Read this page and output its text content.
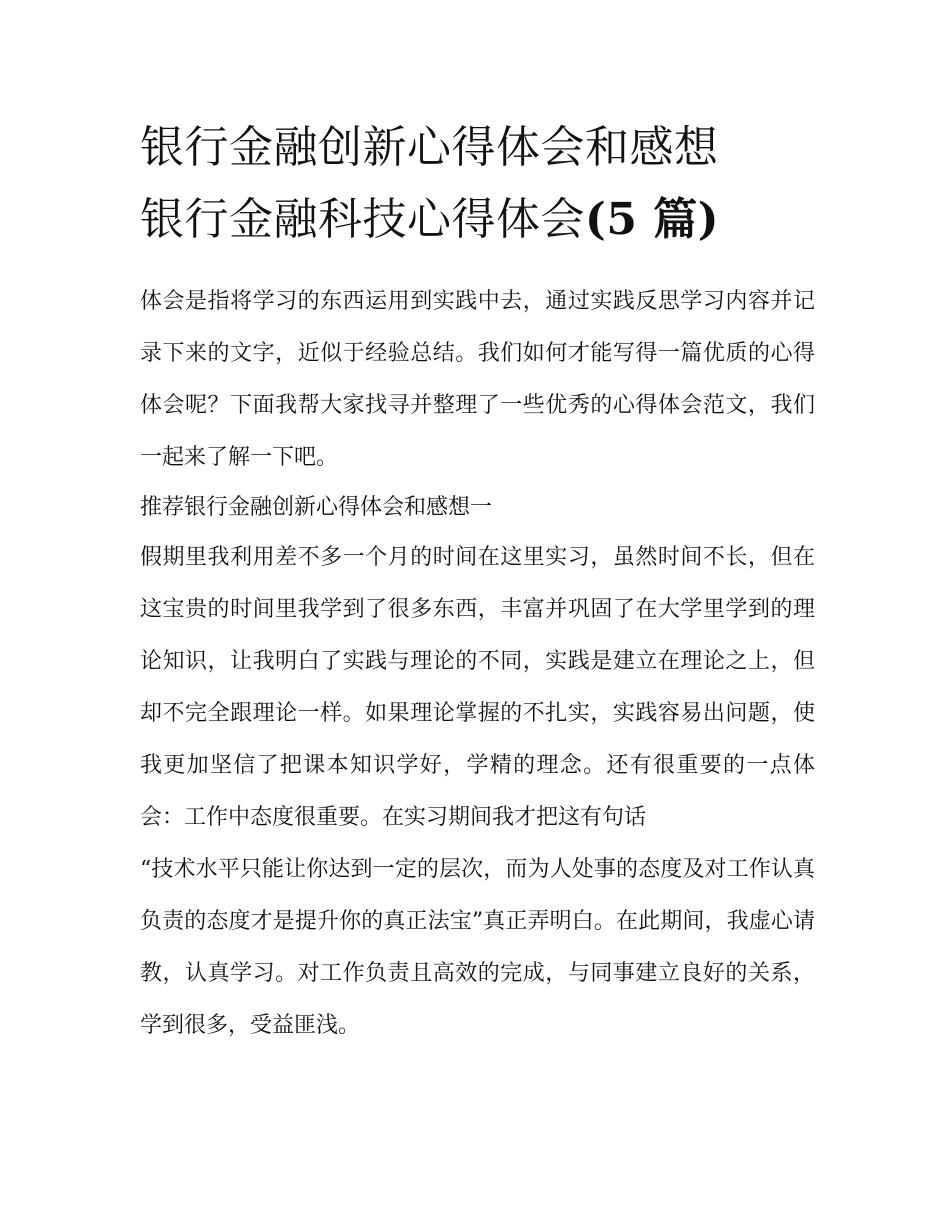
银行金融创新心得体会和感想
银行金融科技心得体会(5 篇)

体会是指将学习的东西运用到实践中去，通过实践反思学习内容并记录下来的文字，近似于经验总结。我们如何才能写得一篇优质的心得体会呢？下面我帮大家找寻并整理了一些优秀的心得体会范文，我们一起来了解一下吧。

推荐银行金融创新心得体会和感想一

假期里我利用差不多一个月的时间在这里实习，虽然时间不长，但在这宝贵的时间里我学到了很多东西，丰富并巩固了在大学里学到的理论知识，让我明白了实践与理论的不同，实践是建立在理论之上，但却不完全跟理论一样。如果理论掌握的不扎实，实践容易出问题，使我更加坚信了把课本知识学好，学精的理念。还有很重要的一点体会：工作中态度很重要。在实习期间我才把这有句话

“技术水平只能让你达到一定的层次，而为人处事的态度及对工作认真负责的态度才是提升你的真正法宝”真正弄明白。在此期间，我虚心请教，认真学习。对工作负责且高效的完成，与同事建立良好的关系，学到很多，受益匪浅。
